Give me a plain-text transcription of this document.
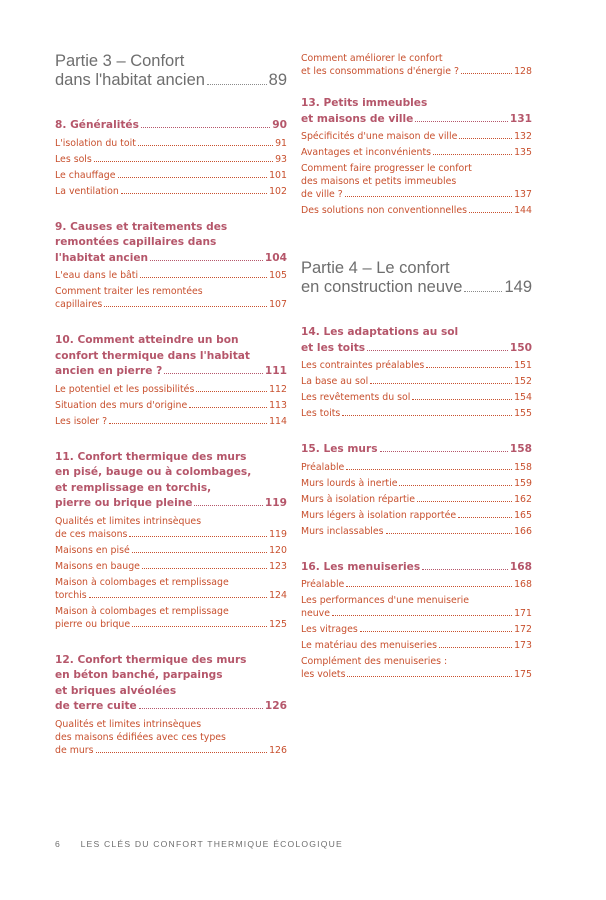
Partie 3 – Confort
dans l'habitat ancien	89
8. Généralités	90
L'isolation du toit	91
Les sols	93
Le chauffage	101
La ventilation	102
9. Causes et traitements des
remontées capillaires dans
l'habitat ancien	104
L'eau dans le bâti	105
Comment traiter les remontées
capillaires	107
10. Comment atteindre un bon
confort thermique dans l'habitat
ancien en pierre ?	111
Le potentiel et les possibilités	112
Situation des murs d'origine	113
Les isoler ?	114
11. Confort thermique des murs
en pisé, bauge ou à colombages,
et remplissage en torchis,
pierre ou brique pleine	119
Qualités et limites intrinsèques
de ces maisons	119
Maisons en pisé	120
Maisons en bauge	123
Maison à colombages et remplissage
torchis	124
Maison à colombages et remplissage
pierre ou brique	125
12. Confort thermique des murs
en béton banché, parpaings
et briques alvéolées
de terre cuite	126
Qualités et limites intrinsèques
des maisons édifiées avec ces types
de murs	126
Comment améliorer le confort
et les consommations d'énergie ?	128
13. Petits immeubles
et maisons de ville	131
Spécificités d'une maison de ville	132
Avantages et inconvénients	135
Comment faire progresser le confort
des maisons et petits immeubles
de ville ?	137
Des solutions non conventionnelles	144
Partie 4 – Le confort
en construction neuve	149
14. Les adaptations au sol
et les toits	150
Les contraintes préalables	151
La base au sol	152
Les revêtements du sol	154
Les toits	155
15. Les murs	158
Préalable	158
Murs lourds à inertie	159
Murs à isolation répartie	162
Murs légers à isolation rapportée	165
Murs inclassables	166
16. Les menuiseries	168
Préalable	168
Les performances d'une menuiserie
neuve	171
Les vitrages	172
Le matériau des menuiseries	173
Complément des menuiseries :
les volets	175
6 LES CLÉS DU CONFORT THERMIQUE ÉCOLOGIQUE
